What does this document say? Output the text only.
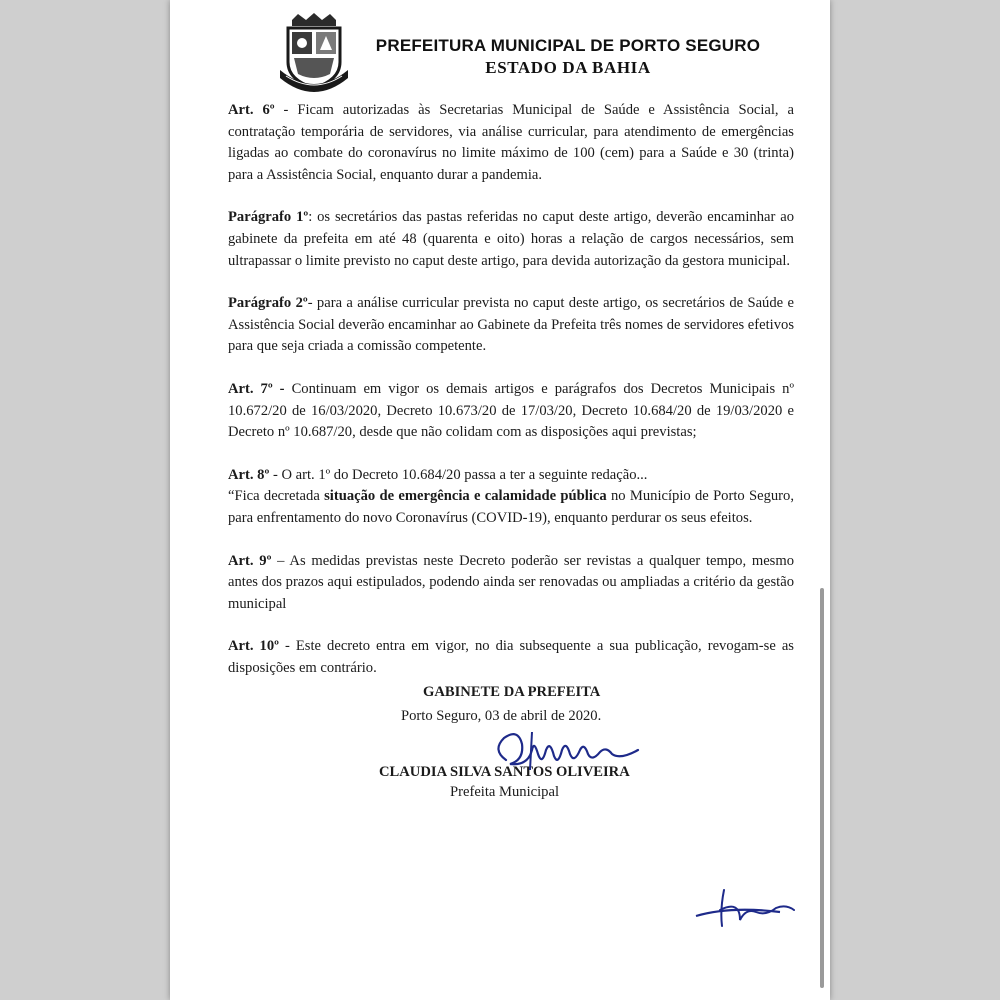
PREFEITURA MUNICIPAL DE PORTO SEGURO
ESTADO DA BAHIA

Art. 6º - Ficam autorizadas às Secretarias Municipal de Saúde e Assistência Social, a contratação temporária de servidores, via análise curricular, para atendimento de emergências ligadas ao combate do coronavírus no limite máximo de 100 (cem) para a Saúde e 30 (trinta) para a Assistência Social, enquanto durar a pandemia.

Parágrafo 1º: os secretários das pastas referidas no caput deste artigo, deverão encaminhar ao gabinete da prefeita em até 48 (quarenta e oito) horas a relação de cargos necessários, sem ultrapassar o limite previsto no caput deste artigo, para devida autorização da gestora municipal.

Parágrafo 2º- para a análise curricular prevista no caput deste artigo, os secretários de Saúde e Assistência Social deverão encaminhar ao Gabinete da Prefeita três nomes de servidores efetivos para que seja criada a comissão competente.

Art. 7º - Continuam em vigor os demais artigos e parágrafos dos Decretos Municipais nº 10.672/20 de 16/03/2020, Decreto 10.673/20 de 17/03/20, Decreto 10.684/20 de 19/03/2020 e Decreto nº 10.687/20, desde que não colidam com as disposições aqui previstas;

Art. 8º - O art. 1º do Decreto 10.684/20 passa a ter a seguinte redação...

“Fica decretada situação de emergência e calamidade pública no Município de Porto Seguro, para enfrentamento do novo Coronavírus (COVID-19), enquanto perdurar os seus efeitos.

Art. 9º – As medidas previstas neste Decreto poderão ser revistas a qualquer tempo, mesmo antes dos prazos aqui estipulados, podendo ainda ser renovadas ou ampliadas a critério da gestão municipal

Art. 10º - Este decreto entra em vigor, no dia subsequente a sua publicação, revogam-se as disposições em contrário.

GABINETE DA PREFEITA
Porto Seguro, 03 de abril de 2020.
CLAUDIA SILVA SANTOS OLIVEIRA
Prefeita Municipal
